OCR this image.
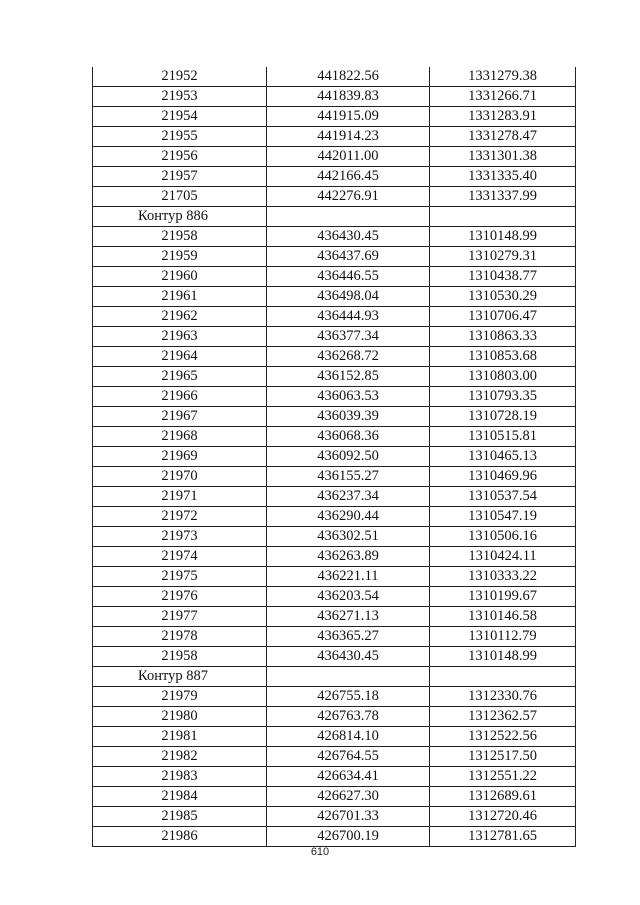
21952	441822.56	1331279.38
21953	441839.83	1331266.71
21954	441915.09	1331283.91
21955	441914.23	1331278.47
21956	442011.00	1331301.38
21957	442166.45	1331335.40
21705	442276.91	1331337.99
Контур 886		
21958	436430.45	1310148.99
21959	436437.69	1310279.31
21960	436446.55	1310438.77
21961	436498.04	1310530.29
21962	436444.93	1310706.47
21963	436377.34	1310863.33
21964	436268.72	1310853.68
21965	436152.85	1310803.00
21966	436063.53	1310793.35
21967	436039.39	1310728.19
21968	436068.36	1310515.81
21969	436092.50	1310465.13
21970	436155.27	1310469.96
21971	436237.34	1310537.54
21972	436290.44	1310547.19
21973	436302.51	1310506.16
21974	436263.89	1310424.11
21975	436221.11	1310333.22
21976	436203.54	1310199.67
21977	436271.13	1310146.58
21978	436365.27	1310112.79
21958	436430.45	1310148.99
Контур 887		
21979	426755.18	1312330.76
21980	426763.78	1312362.57
21981	426814.10	1312522.56
21982	426764.55	1312517.50
21983	426634.41	1312551.22
21984	426627.30	1312689.61
21985	426701.33	1312720.46
21986	426700.19	1312781.65
610
